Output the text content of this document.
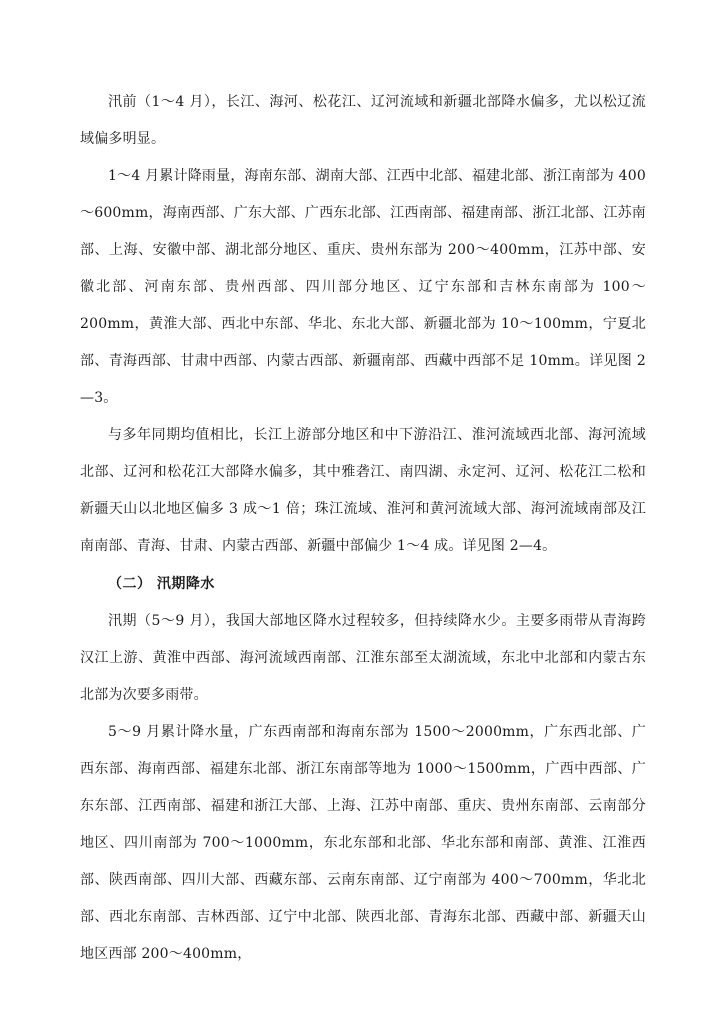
汛前（1～4 月），长江、海河、松花江、辽河流域和新疆北部降水偏多，尤以松辽流域偏多明显。

1～4 月累计降雨量，海南东部、湖南大部、江西中北部、福建北部、浙江南部为 400～600mm，海南西部、广东大部、广西东北部、江西南部、福建南部、浙江北部、江苏南部、上海、安徽中部、湖北部分地区、重庆、贵州东部为 200～400mm，江苏中部、安徽北部、河南东部、贵州西部、四川部分地区、辽宁东部和吉林东南部为 100～200mm，黄淮大部、西北中东部、华北、东北大部、新疆北部为 10～100mm，宁夏北部、青海西部、甘肃中西部、内蒙古西部、新疆南部、西藏中西部不足 10mm。详见图 2—3。

与多年同期均值相比，长江上游部分地区和中下游沿江、淮河流域西北部、海河流域北部、辽河和松花江大部降水偏多，其中雅砻江、南四湖、永定河、辽河、松花江二松和新疆天山以北地区偏多 3 成～1 倍；珠江流域、淮河和黄河流域大部、海河流域南部及江南南部、青海、甘肃、内蒙古西部、新疆中部偏少 1～4 成。详见图 2—4。

（二） 汛期降水

汛期（5～9 月），我国大部地区降水过程较多，但持续降水少。主要多雨带从青海跨汉江上游、黄淮中西部、海河流域西南部、江淮东部至太湖流域，东北中北部和内蒙古东北部为次要多雨带。

5～9 月累计降水量，广东西南部和海南东部为 1500～2000mm，广东西北部、广西东部、海南西部、福建东北部、浙江东南部等地为 1000～1500mm，广西中西部、广东东部、江西南部、福建和浙江大部、上海、江苏中南部、重庆、贵州东南部、云南部分地区、四川南部为 700～1000mm，东北东部和北部、华北东部和南部、黄淮、江淮西部、陕西南部、四川大部、西藏东部、云南东南部、辽宁南部为 400～700mm，华北北部、西北东南部、吉林西部、辽宁中北部、陕西北部、青海东北部、西藏中部、新疆天山地区西部 200～400mm，
